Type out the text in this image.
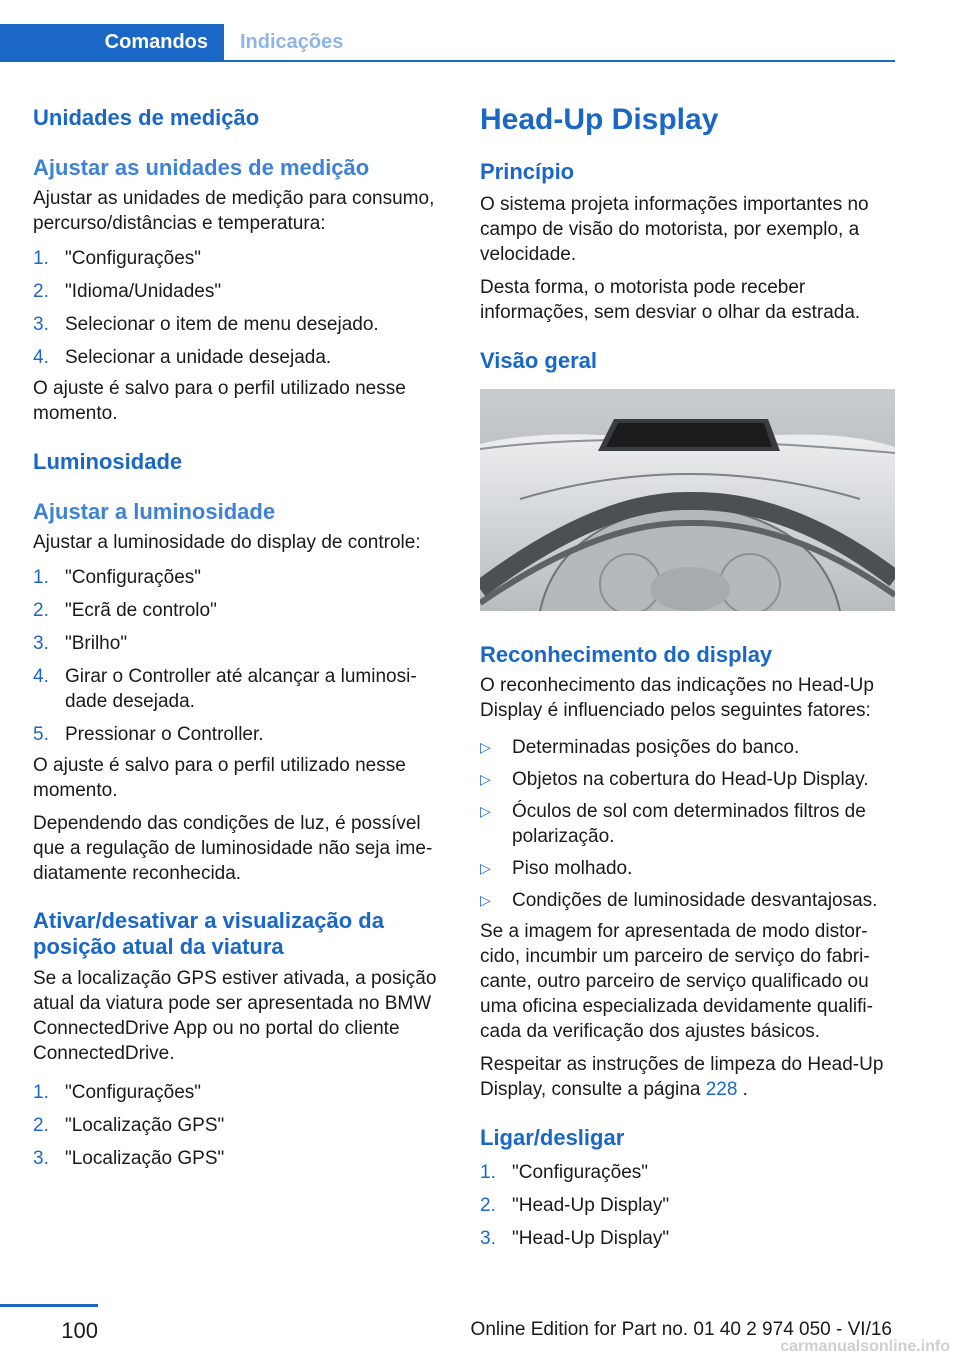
Comandos	Indicações
Unidades de medição
Ajustar as unidades de medição

Ajustar as unidades de medição para consumo, percurso/distâncias e temperatura:

1. "Configurações"
2. "Idioma/Unidades"
3. Selecionar o item de menu desejado.
4. Selecionar a unidade desejada.

O ajuste é salvo para o perfil utilizado nesse momento.

Luminosidade
Ajustar a luminosidade

Ajustar a luminosidade do display de controle:

1. "Configurações"
2. "Ecrã de controlo"
3. "Brilho"
4. Girar o Controller até alcançar a luminosidade desejada.
5. Pressionar o Controller.

O ajuste é salvo para o perfil utilizado nesse momento.

Dependendo das condições de luz, é possível que a regulação de luminosidade não seja imediatamente reconhecida.

Ativar/desativar a visualização da posição atual da viatura

Se a localização GPS estiver ativada, a posição atual da viatura pode ser apresentada no BMW ConnectedDrive App ou no portal do cliente ConnectedDrive.

1. "Configurações"
2. "Localização GPS"
3. "Localização GPS"
Head-Up Display
Princípio

O sistema projeta informações importantes no campo de visão do motorista, por exemplo, a velocidade.

Desta forma, o motorista pode receber informações, sem desviar o olhar da estrada.

Visão geral
Reconhecimento do display

O reconhecimento das indicações no Head-Up Display é influenciado pelos seguintes fatores:

▷ Determinadas posições do banco.
▷ Objetos na cobertura do Head-Up Display.
▷ Óculos de sol com determinados filtros de polarização.
▷ Piso molhado.
▷ Condições de luminosidade desvantajosas.

Se a imagem for apresentada de modo distorcido, incumbir um parceiro de serviço do fabricante, outro parceiro de serviço qualificado ou uma oficina especializada devidamente qualificada da verificação dos ajustes básicos.

Respeitar as instruções de limpeza do Head-Up Display, consulte a página 228 .

Ligar/desligar
1. "Configurações"
2. "Head-Up Display"
3. "Head-Up Display"
100	Online Edition for Part no. 01 40 2 974 050 - VI/16
carmanualsonline.info
